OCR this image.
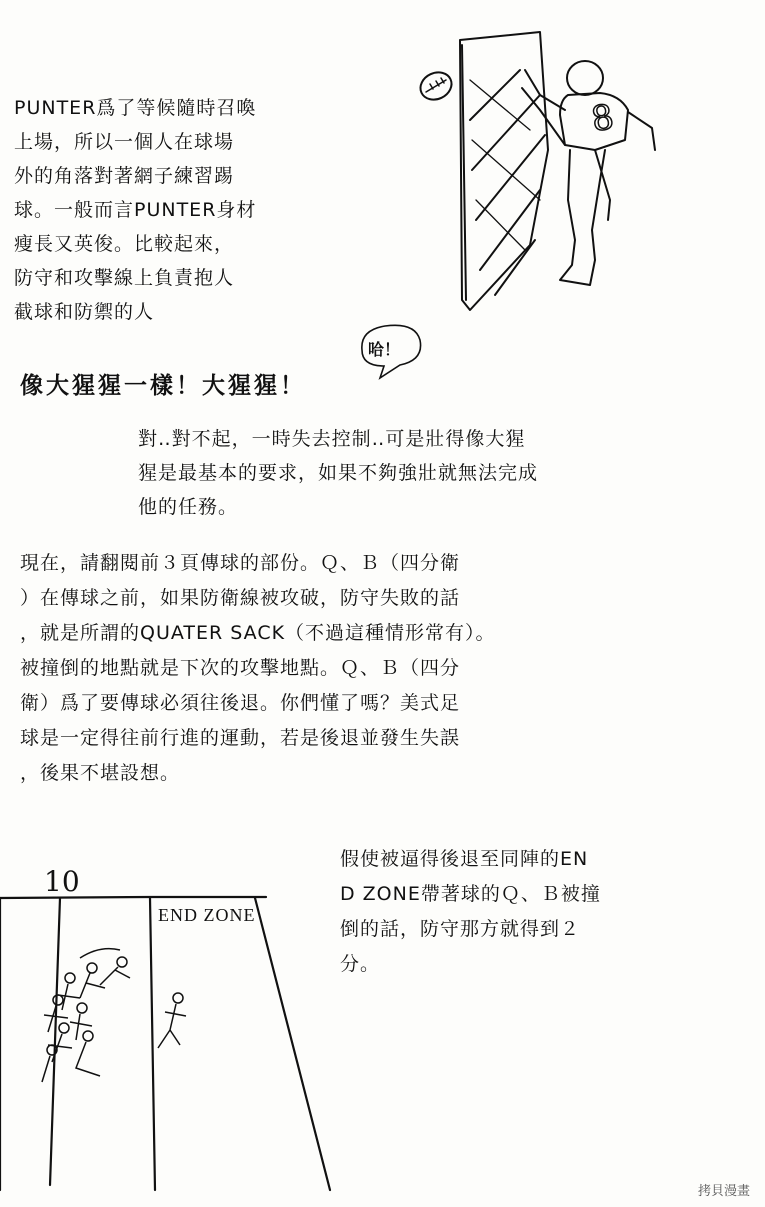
8

PUNTER爲了等候隨時召喚
上場，所以一個人在球場
外的角落對著網子練習踢
球。一般而言PUNTER身材
瘦長又英俊。比較起來，
防守和攻擊線上負責抱人
截球和防禦的人

哈！

像大猩猩一樣！大猩猩！

對‥對不起，一時失去控制‥可是壯得像大猩
猩是最基本的要求，如果不夠強壯就無法完成
他的任務。

現在，請翻閱前３頁傳球的部份。Ｑ、Ｂ（四分衛
）在傳球之前，如果防衛線被攻破，防守失敗的話
，就是所謂的QUATER SACK（不過這種情形常有）。
被撞倒的地點就是下次的攻擊地點。Ｑ、Ｂ（四分
衛）爲了要傳球必須往後退。你們懂了嗎？美式足
球是一定得往前行進的運動，若是後退並發生失誤
，後果不堪設想。

假使被逼得後退至同陣的EN
D ZONE帶著球的Ｑ、Ｂ被撞
倒的話，防守那方就得到２
分。

10

END ZONE

拷貝漫畫
